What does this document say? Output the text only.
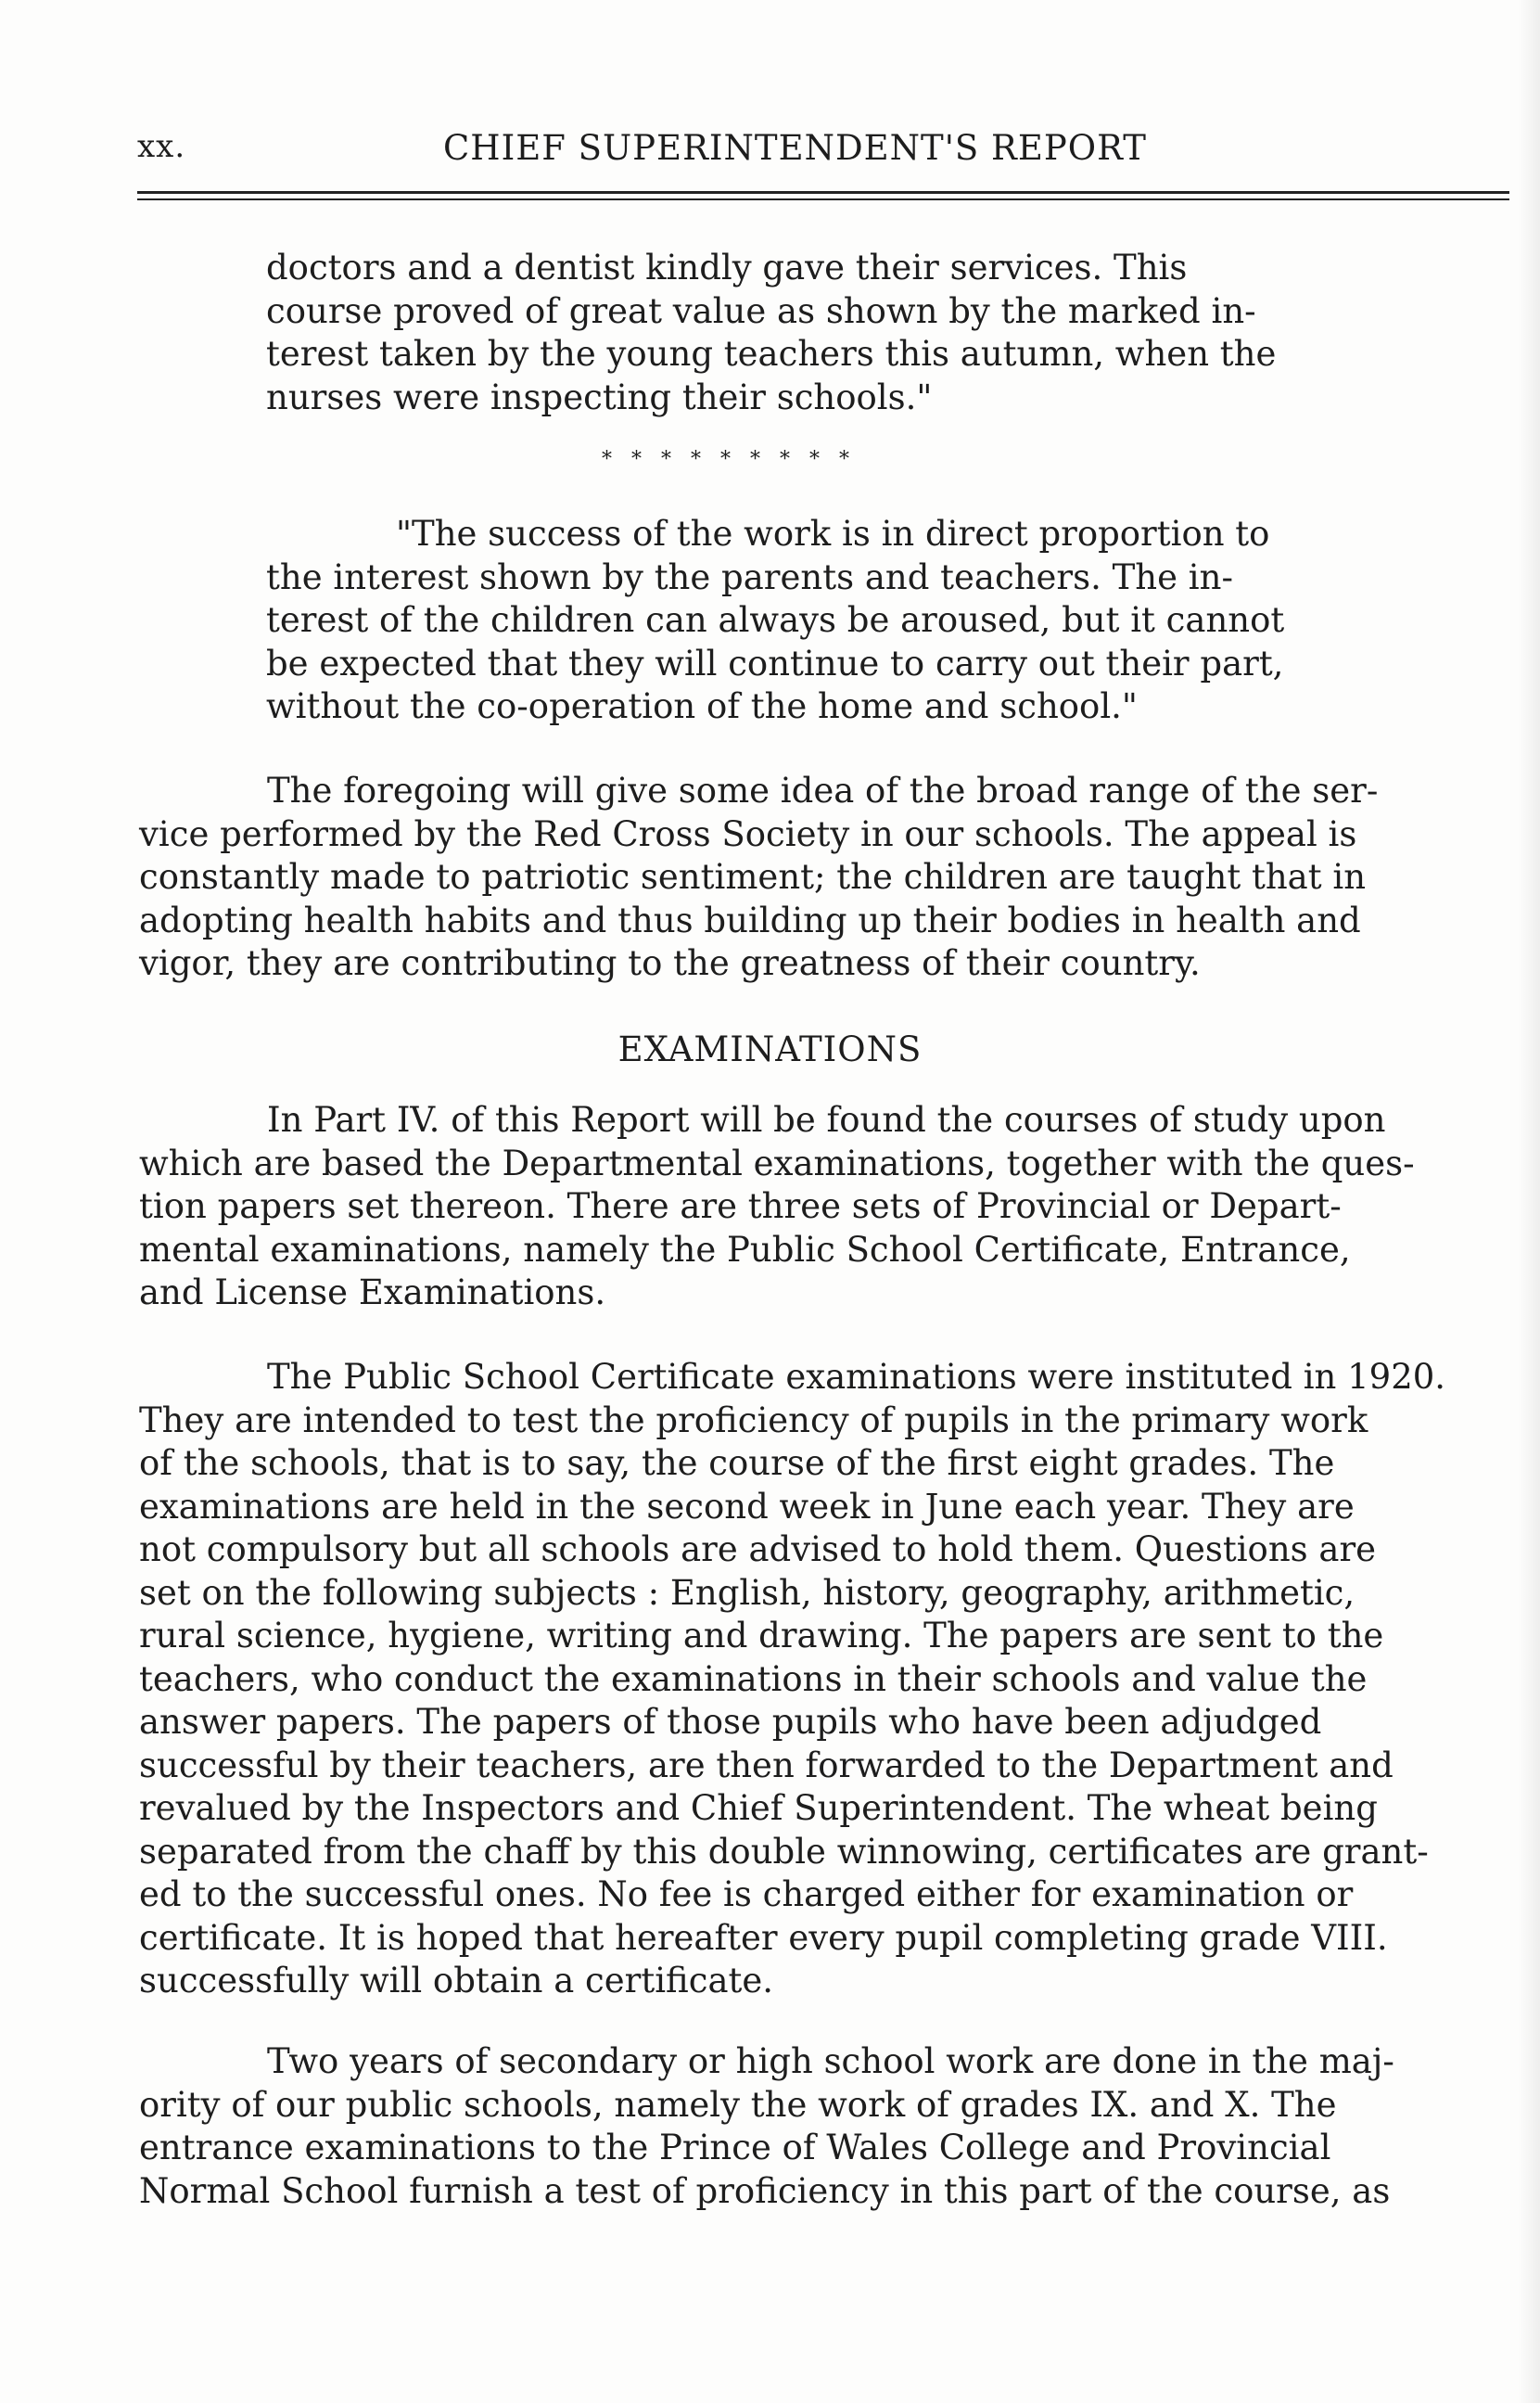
xx.	CHIEF SUPERINTENDENT'S REPORT
doctors and a dentist kindly gave their services. This
course proved of great value as shown by the marked in-
terest taken by the young teachers this autumn, when the
nurses were inspecting their schools."
*********
"The success of the work is in direct proportion to
the interest shown by the parents and teachers. The in-
terest of the children can always be aroused, but it cannot
be expected that they will continue to carry out their part,
without the co-operation of the home and school."
The foregoing will give some idea of the broad range of the ser-
vice performed by the Red Cross Society in our schools. The appeal is
constantly made to patriotic sentiment; the children are taught that in
adopting health habits and thus building up their bodies in health and
vigor, they are contributing to the greatness of their country.
EXAMINATIONS
In Part IV. of this Report will be found the courses of study upon
which are based the Departmental examinations, together with the ques-
tion papers set thereon. There are three sets of Provincial or Depart-
mental examinations, namely the Public School Certificate, Entrance,
and License Examinations.
The Public School Certificate examinations were instituted in 1920.
They are intended to test the proficiency of pupils in the primary work
of the schools, that is to say, the course of the first eight grades. The
examinations are held in the second week in June each year. They are
not compulsory but all schools are advised to hold them. Questions are
set on the following subjects : English, history, geography, arithmetic,
rural science, hygiene, writing and drawing. The papers are sent to the
teachers, who conduct the examinations in their schools and value the
answer papers. The papers of those pupils who have been adjudged
successful by their teachers, are then forwarded to the Department and
revalued by the Inspectors and Chief Superintendent. The wheat being
separated from the chaff by this double winnowing, certificates are grant-
ed to the successful ones. No fee is charged either for examination or
certificate. It is hoped that hereafter every pupil completing grade VIII.
successfully will obtain a certificate.
Two years of secondary or high school work are done in the maj-
ority of our public schools, namely the work of grades IX. and X. The
entrance examinations to the Prince of Wales College and Provincial
Normal School furnish a test of proficiency in this part of the course, as
